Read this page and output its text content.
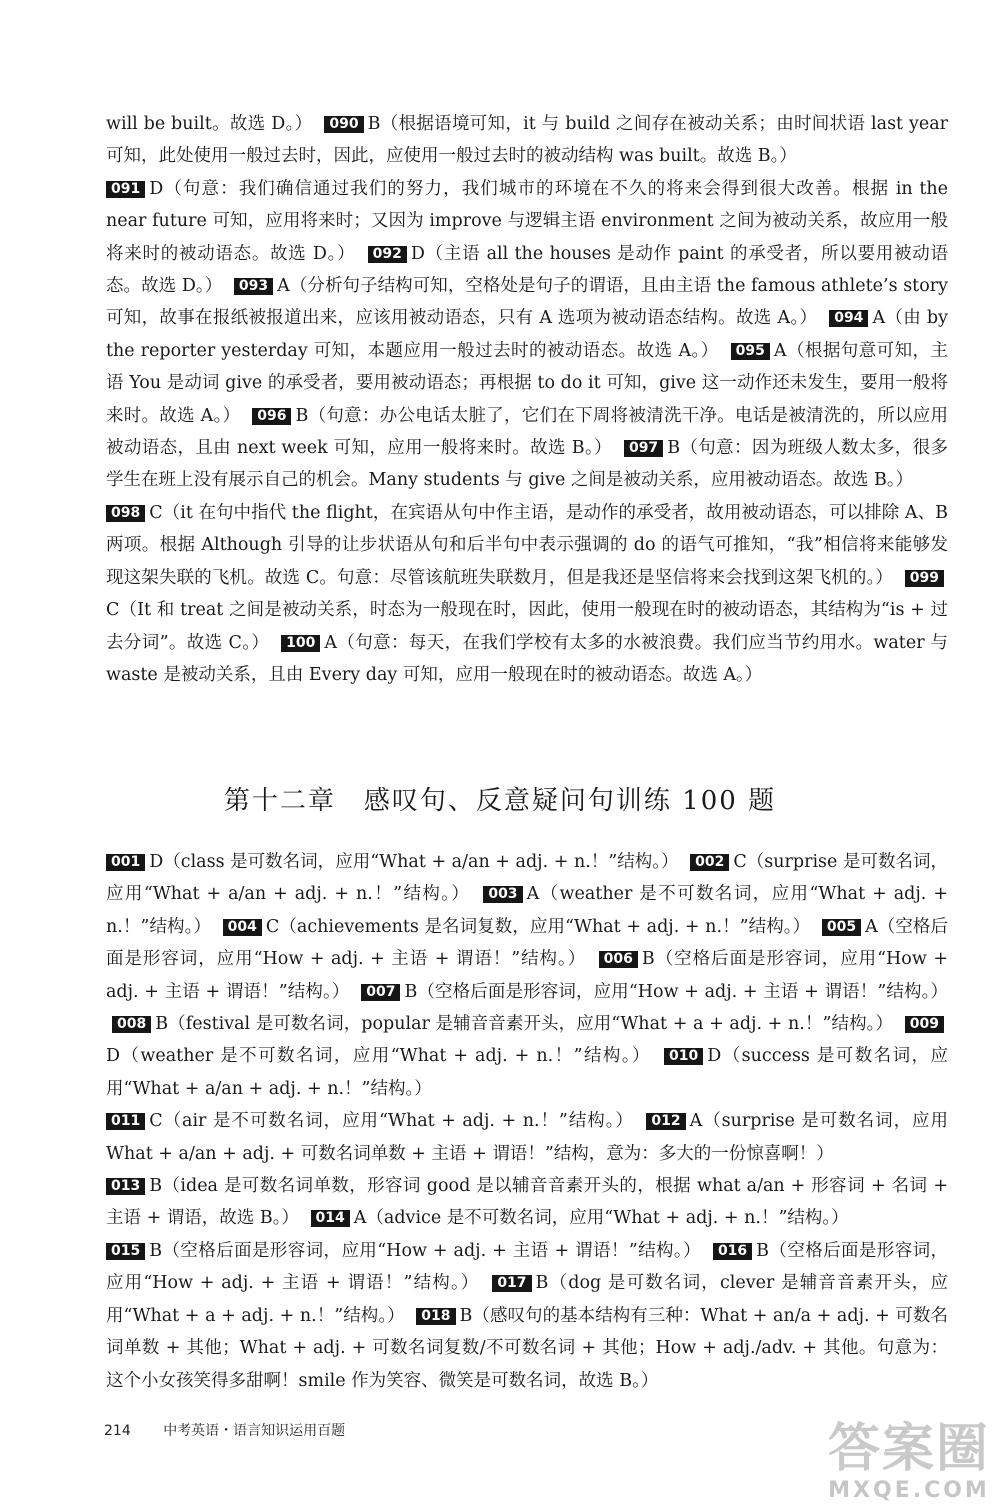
will be built。故选 D。） 090 B（根据语境可知，it 与 build 之间存在被动关系；由时间状语 last year 可知，此处使用一般过去时，因此，应使用一般过去时的被动结构 was built。故选 B。）
091 D（句意：我们确信通过我们的努力，我们城市的环境在不久的将来会得到很大改善。根据 in the near future 可知，应用将来时；又因为 improve 与逻辑主语 environment 之间为被动关系，故应用一般将来时的被动语态。故选 D。） 092 D（主语 all the houses 是动作 paint 的承受者，所以要用被动语态。故选 D。） 093 A（分析句子结构可知，空格处是句子的谓语，且由主语 the famous athlete’s story 可知，故事在报纸被报道出来，应该用被动语态，只有 A 选项为被动语态结构。故选 A。） 094 A（由 by the reporter yesterday 可知，本题应用一般过去时的被动语态。故选 A。） 095 A（根据句意可知，主语 You 是动词 give 的承受者，要用被动语态；再根据 to do it 可知，give 这一动作还未发生，要用一般将来时。故选 A。） 096 B（句意：办公电话太脏了，它们在下周将被清洗干净。电话是被清洗的，所以应用被动语态，且由 next week 可知，应用一般将来时。故选 B。） 097 B（句意：因为班级人数太多，很多学生在班上没有展示自己的机会。Many students 与 give 之间是被动关系，应用被动语态。故选 B。）
098 C（it 在句中指代 the flight，在宾语从句中作主语，是动作的承受者，故用被动语态，可以排除 A、B 两项。根据 Although 引导的让步状语从句和后半句中表示强调的 do 的语气可推知，“我”相信将来能够发现这架失联的飞机。故选 C。句意：尽管该航班失联数月，但是我还是坚信将来会找到这架飞机的。） 099C（It 和 treat 之间是被动关系，时态为一般现在时，因此，使用一般现在时的被动语态，其结构为“is + 过去分词”。故选 C。） 100 A（句意：每天，在我们学校有太多的水被浪费。我们应当节约用水。water 与 waste 是被动关系，且由 Every day 可知，应用一般现在时的被动语态。故选 A。）
第十二章　感叹句、反意疑问句训练 100 题
001 D（class 是可数名词，应用“What + a/an + adj. + n.！”结构。） 002 C（surprise 是可数名词，应用“What + a/an + adj. + n.！”结构。） 003 A（weather 是不可数名词，应用“What + adj. + n.！”结构。） 004 C（achievements 是名词复数，应用“What + adj. + n.！”结构。） 005 A（空格后面是形容词，应用“How + adj. + 主语 + 谓语！”结构。） 006 B（空格后面是形容词，应用“How + adj. + 主语 + 谓语！”结构。） 007 B（空格后面是形容词，应用“How + adj. + 主语 + 谓语！”结构。） 008 B（festival 是可数名词，popular 是辅音音素开头，应用“What + a + adj. + n.！”结构。） 009D（weather 是不可数名词，应用“What + adj. + n.！”结构。） 010 D（success 是可数名词，应用“What + a/an + adj. + n.！”结构。）
011 C（air 是不可数名词，应用“What + adj. + n.！”结构。） 012 A（surprise 是可数名词，应用 What + a/an + adj. + 可数名词单数 + 主语 + 谓语！”结构，意为：多大的一份惊喜啊！）
013 B（idea 是可数名词单数，形容词 good 是以辅音音素开头的，根据 what a/an + 形容词 + 名词 + 主语 + 谓语，故选 B。） 014 A（advice 是不可数名词，应用“What + adj. + n.！”结构。）
015 B（空格后面是形容词，应用“How + adj. + 主语 + 谓语！”结构。） 016 B（空格后面是形容词，应用“How + adj. + 主语 + 谓语！”结构。） 017 B（dog 是可数名词，clever 是辅音音素开头，应用“What + a + adj. + n.！”结构。） 018 B（感叹句的基本结构有三种：What + an/a + adj. + 可数名词单数 + 其他；What + adj. + 可数名词复数/不可数名词 + 其他；How + adj./adv. + 其他。句意为：这个小女孩笑得多甜啊！smile 作为笑容、微笑是可数名词，故选 B。）
214 中考英语・语言知识运用百题	答案圈
MXQE.COM
